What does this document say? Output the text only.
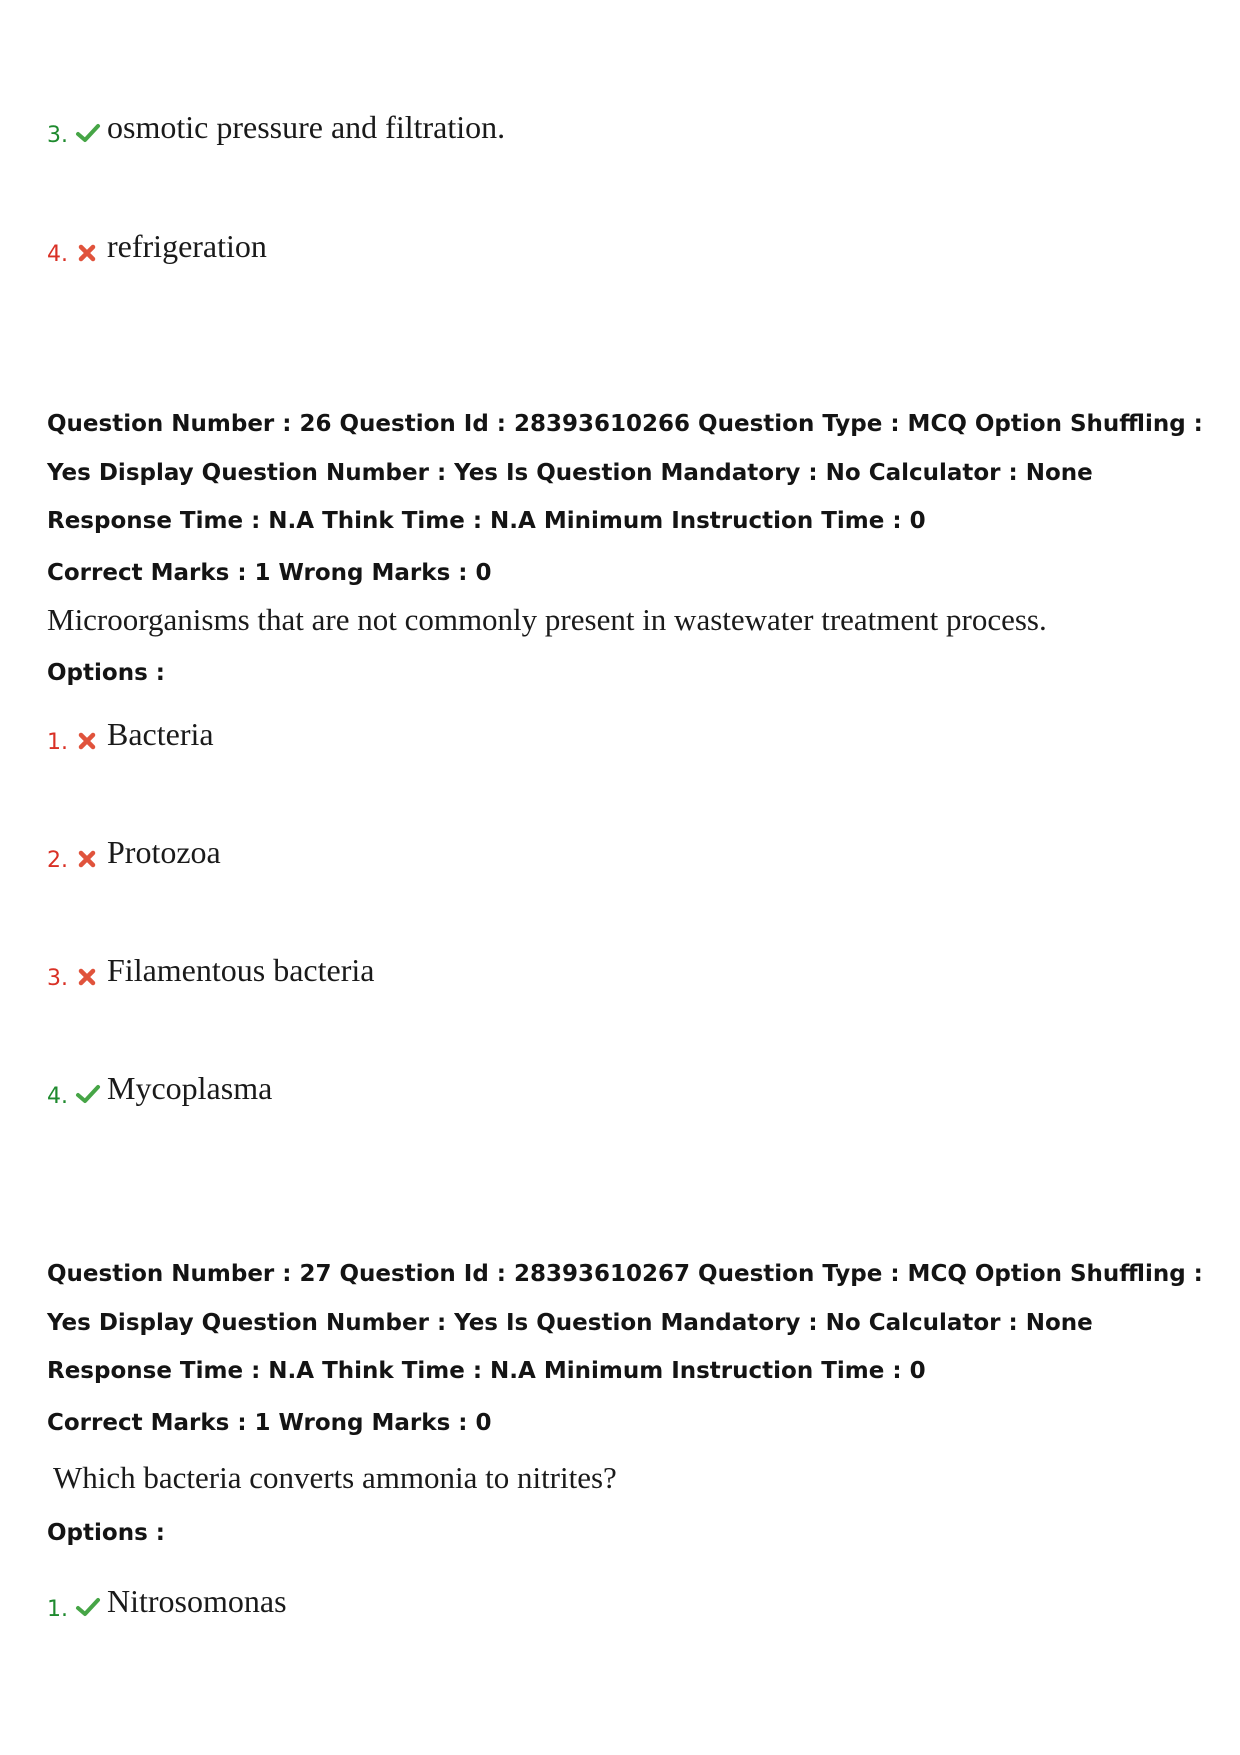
3. osmotic pressure and filtration.
4. refrigeration
Question Number : 26 Question Id : 28393610266 Question Type : MCQ Option Shuffling : Yes Display Question Number : Yes Is Question Mandatory : No Calculator : None Response Time : N.A Think Time : N.A Minimum Instruction Time : 0
Correct Marks : 1 Wrong Marks : 0
Microorganisms that are not commonly present in wastewater treatment process.
Options :
1. Bacteria
2. Protozoa
3. Filamentous bacteria
4. Mycoplasma
Question Number : 27 Question Id : 28393610267 Question Type : MCQ Option Shuffling : Yes Display Question Number : Yes Is Question Mandatory : No Calculator : None Response Time : N.A Think Time : N.A Minimum Instruction Time : 0
Correct Marks : 1 Wrong Marks : 0
Which bacteria converts ammonia to nitrites?
Options :
1. Nitrosomonas
